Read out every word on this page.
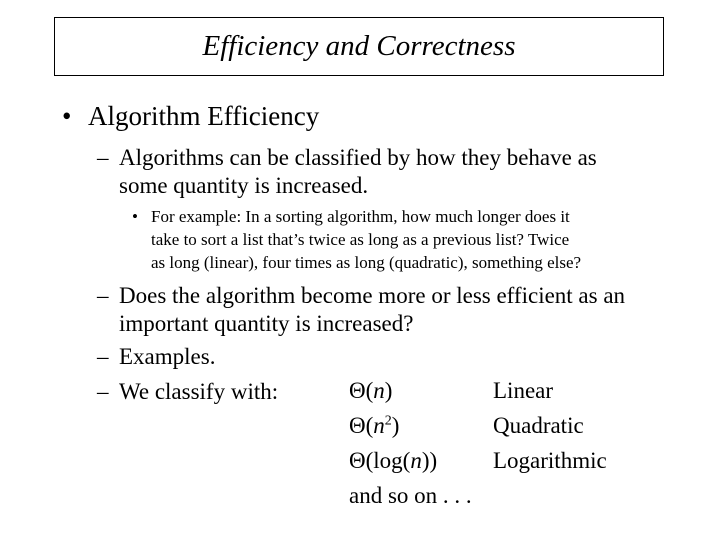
Efficiency and Correctness
• Algorithm Efficiency
– Algorithms can be classified by how they behave as
some quantity is increased.
• For example: In a sorting algorithm, how much longer does it
take to sort a list that’s twice as long as a previous list? Twice
as long (linear), four times as long (quadratic), something else?
– Does the algorithm become more or less efficient as an
important quantity is increased?
– Examples.
– We classify with:	Θ(n)	Linear
$\Theta(n^2)$	Quadratic
Θ(log(n)) Logarithmic
and so on . . .
